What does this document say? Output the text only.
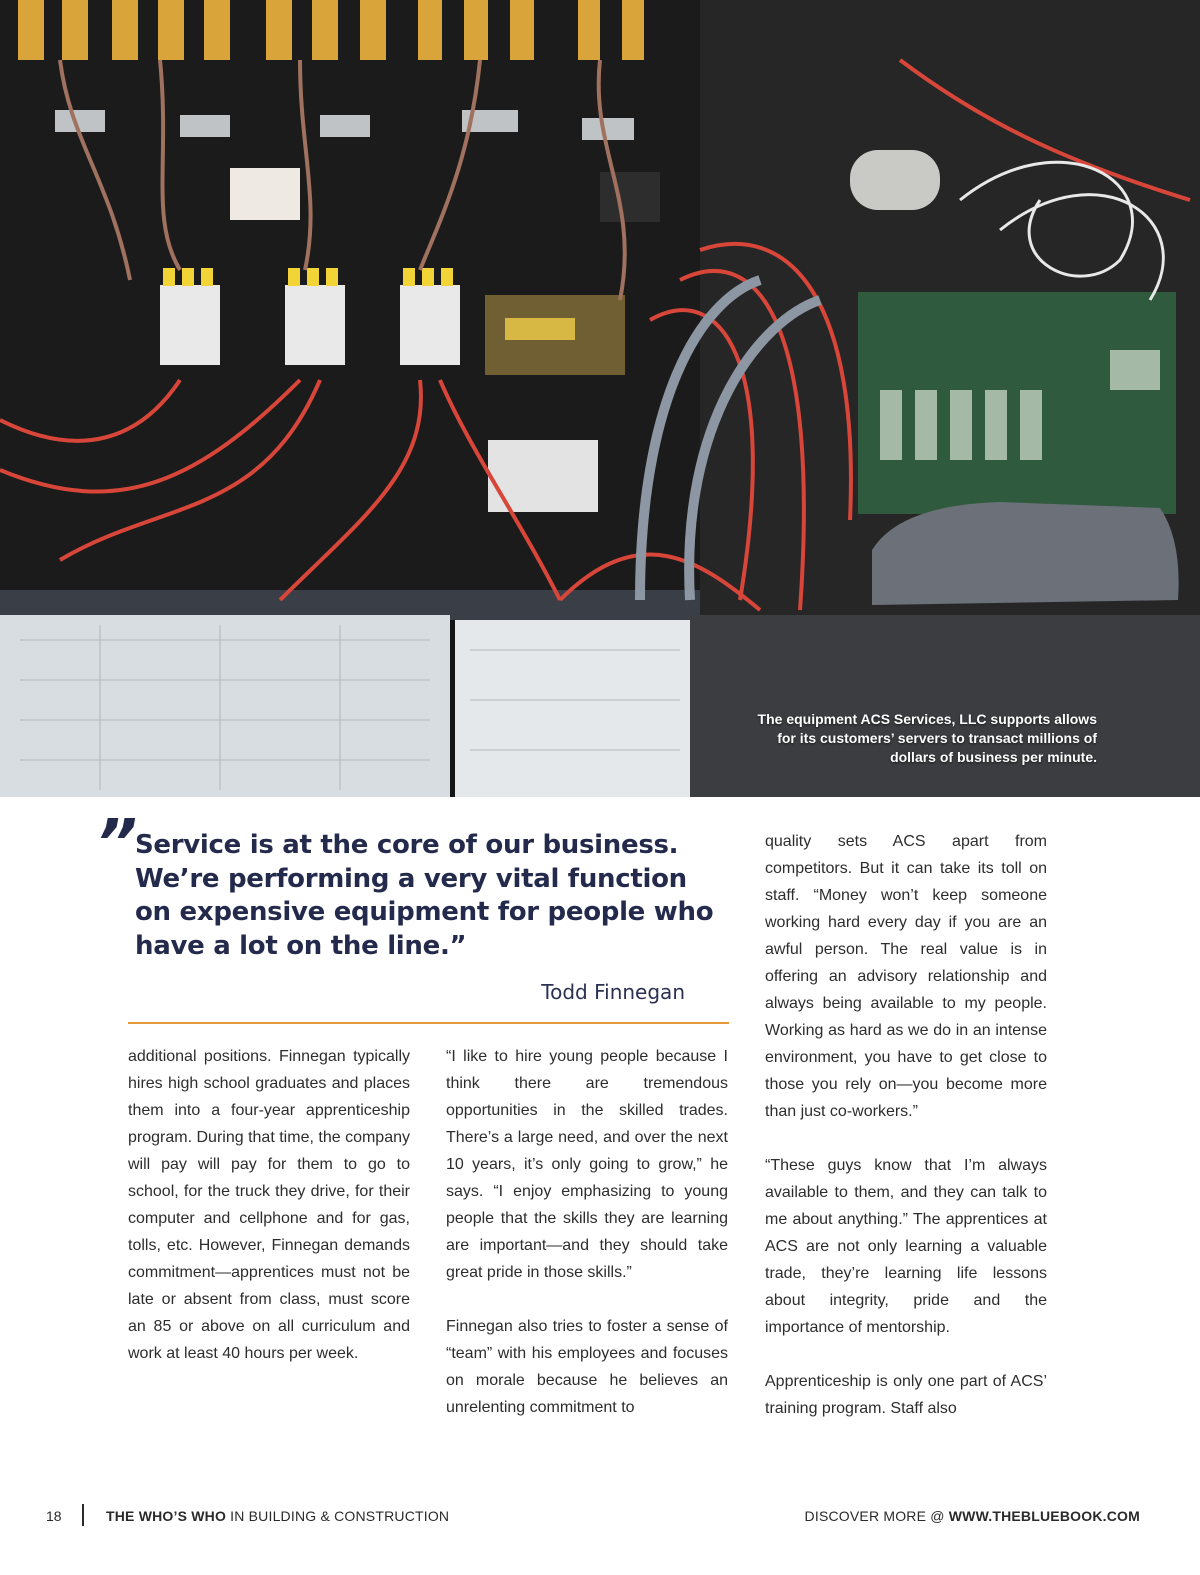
The equipment ACS Services, LLC supports allows for its customers’ servers to transact millions of dollars of business per minute.
”
Service is at the core of our business. We’re performing a very vital function on expensive equipment for people who have a lot on the line.”
Todd Finnegan

additional positions. Finnegan typically hires high school graduates and places them into a four-year apprenticeship program. During that time, the company will pay will pay for them to go to school, for the truck they drive, for their computer and cellphone and for gas, tolls, etc. However, Finnegan demands commitment—apprentices must not be late or absent from class, must score an 85 or above on all curriculum and work at least 40 hours per week.

“I like to hire young people because I think there are tremendous opportunities in the skilled trades. There’s a large need, and over the next 10 years, it’s only going to grow,” he says. “I enjoy emphasizing to young people that the skills they are learning are important—and they should take great pride in those skills.”

Finnegan also tries to foster a sense of “team” with his employees and focuses on morale because he believes an unrelenting commitment to

quality sets ACS apart from competitors. But it can take its toll on staff. “Money won’t keep someone working hard every day if you are an awful person. The real value is in offering an advisory relationship and always being available to my people. Working as hard as we do in an intense environment, you have to get close to those you rely on—you become more than just co-workers.”

“These guys know that I’m always available to them, and they can talk to me about anything.” The apprentices at ACS are not only learning a valuable trade, they’re learning life lessons about integrity, pride and the importance of mentorship.

Apprenticeship is only one part of ACS’ training program. Staff also

18	THE WHO’S WHO IN BUILDING & CONSTRUCTION	DISCOVER MORE @ WWW.THEBLUEBOOK.COM
